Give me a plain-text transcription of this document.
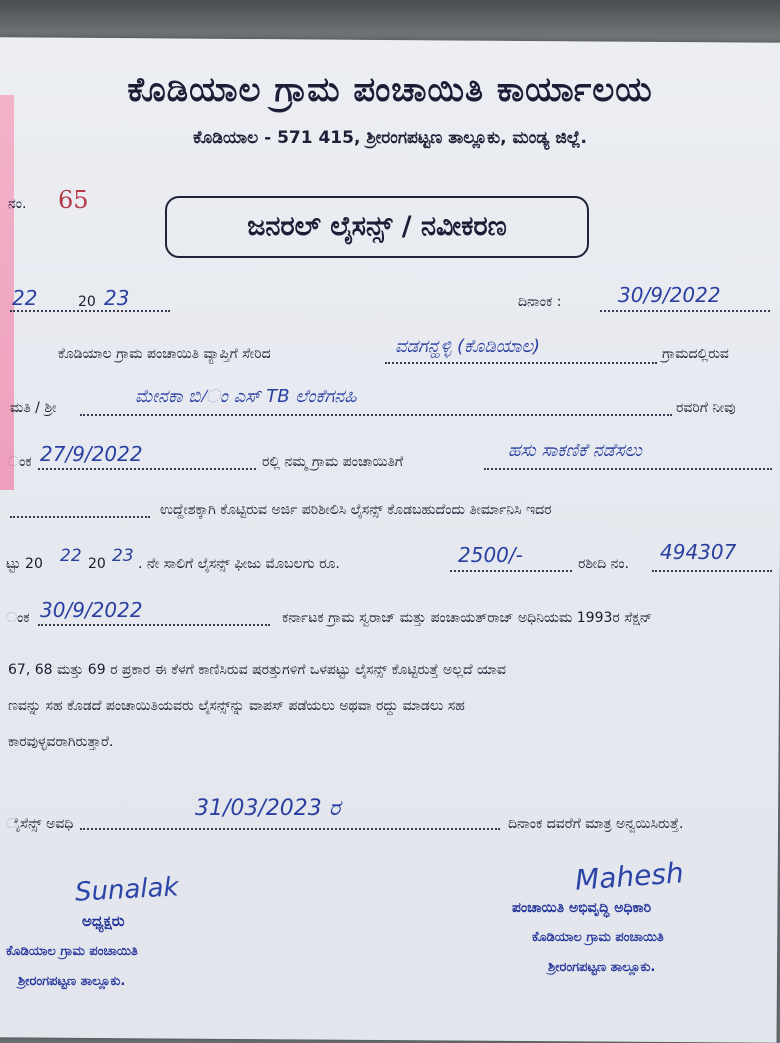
ಕೊಡಿಯಾಲ ಗ್ರಾಮ ಪಂಚಾಯಿತಿ ಕಾರ್ಯಾಲಯ
ಕೊಡಿಯಾಲ - 571 415, ಶ್ರೀರಂಗಪಟ್ಟಣ ತಾಲ್ಲೂಕು, ಮಂಡ್ಯ ಜಿಲ್ಲೆ.
ನಂ. 65
ಜನರಲ್ ಲೈಸನ್ಸ್ / ನವೀಕರಣ
22	20 23	ದಿನಾಂಕ :	30/9/2022
ಕೊಡಿಯಾಲ ಗ್ರಾಮ ಪಂಚಾಯಿತಿ ವ್ಯಾಪ್ತಿಗೆ ಸೇರಿದ	ವಡಗನ್ಹಳ್ಳಿ (ಕೊಡಿಯಾಲ)	ಗ್ರಾಮದಲ್ಲಿರುವ
ಮತಿ / ಶ್ರೀ
ಮೇನಕಾ ಬಿ/ಂ ಎಸ್ TB ಲೆಂಕೆಗನಹಿ
ರವರಿಗೆ ನೀವು
ಂಕ 27/9/2022	ರಲ್ಲಿ ನಮ್ಮ ಗ್ರಾಮ ಪಂಚಾಯಿತಿಗೆ
ಹಸು ಸಾಕಣಿಕೆ ನಡೆಸಲು
ಉದ್ದೇಶಕ್ಕಾಗಿ ಕೊಟ್ಟಿರುವ ಅರ್ಜಿ ಪರಿಶೀಲಿಸಿ ಲೈಸನ್ಸ್ ಕೊಡಬಹುದೆಂದು ತೀರ್ಮಾನಿಸಿ ಇದರ
ಟ್ಟು 20 22 20 23 . ನೇ ಸಾಲಿಗೆ ಲೈಸನ್ಸ್ ಫೀಜು ಮೊಬಲಗು ರೂ.	2500/-	ರಶೀದಿ ನಂ. 494307
ಂಕ 30/9/2022	ಕರ್ನಾಟಕ ಗ್ರಾಮ ಸ್ವರಾಜ್ ಮತ್ತು ಪಂಚಾಯತ್‌ರಾಜ್ ಅಧಿನಿಯಮ 1993ರ ಸೆಕ್ಷನ್
67, 68 ಮತ್ತು 69 ರ ಪ್ರಕಾರ ಈ ಕೆಳಗೆ ಕಾಣಿಸಿರುವ ಷರತ್ತುಗಳಿಗೆ ಒಳಪಟ್ಟು ಲೈಸನ್ಸ್ ಕೊಟ್ಟಿರುತ್ತೆ ಅಲ್ಲದೆ ಯಾವ
ಣವನ್ನು ಸಹ ಕೊಡದೆ ಪಂಚಾಯಿತಿಯವರು ಲೈಸನ್ಸ್‌ನ್ನು ವಾಪಸ್ ಪಡೆಯಲು ಅಥವಾ ರದ್ದು ಮಾಡಲು ಸಹ
ಕಾರವುಳ್ಳವರಾಗಿರುತ್ತಾರೆ.
ೈಸೆನ್ಸ್ ಅವಧಿ
31/03/2023 ರ
ದಿನಾಂಕ ದವರೆಗೆ ಮಾತ್ರ ಅನ್ವಯಿಸಿರುತ್ತೆ.
Sunalak
ಅಧ್ಯಕ್ಷರು
ಕೊಡಿಯಾಲ ಗ್ರಾಮ ಪಂಚಾಯಿತಿ
ಶ್ರೀರಂಗಪಟ್ಟಣ ತಾಲ್ಲೂಕು.
Mahesh
ಪಂಚಾಯಿತಿ ಅಭಿವೃದ್ಧಿ ಅಧಿಕಾರಿ
ಕೊಡಿಯಾಲ ಗ್ರಾಮ ಪಂಚಾಯಿತಿ
ಶ್ರೀರಂಗಪಟ್ಟಣ ತಾಲ್ಲೂಕು.
